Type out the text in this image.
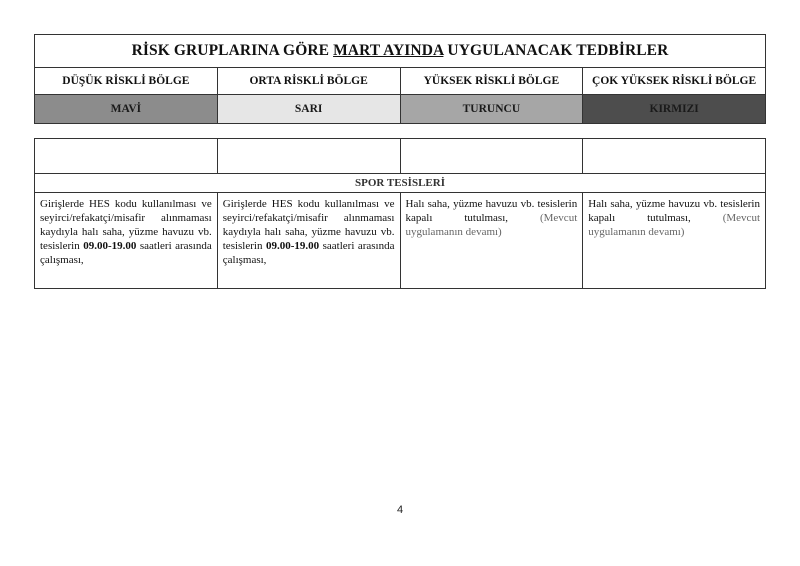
RİSK GRUPLARINA GÖRE MART AYINDA UYGULANACAK TEDBİRLER			
DÜŞÜK RİSKLİ BÖLGE	ORTA RİSKLİ BÖLGE	YÜKSEK RİSKLİ BÖLGE	ÇOK YÜKSEK RİSKLİ BÖLGE
MAVİ	SARI	TURUNCU	KIRMIZI

SPOR TESİSLERİ			
Girişlerde HES kodu kullanılması ve seyirci/refakatçi/misafir alınmaması kaydıyla halı saha, yüzme havuzu vb. tesislerin 09.00-19.00 saatleri arasında çalışması,	Girişlerde HES kodu kullanılması ve seyirci/refakatçi/misafir alınmaması kaydıyla halı saha, yüzme havuzu vb. tesislerin 09.00-19.00 saatleri arasında çalışması,	Halı saha, yüzme havuzu vb. tesislerin kapalı tutulması, (Mevcut uygulamanın devamı)	Halı saha, yüzme havuzu vb. tesislerin kapalı tutulması, (Mevcut uygulamanın devamı)
4
